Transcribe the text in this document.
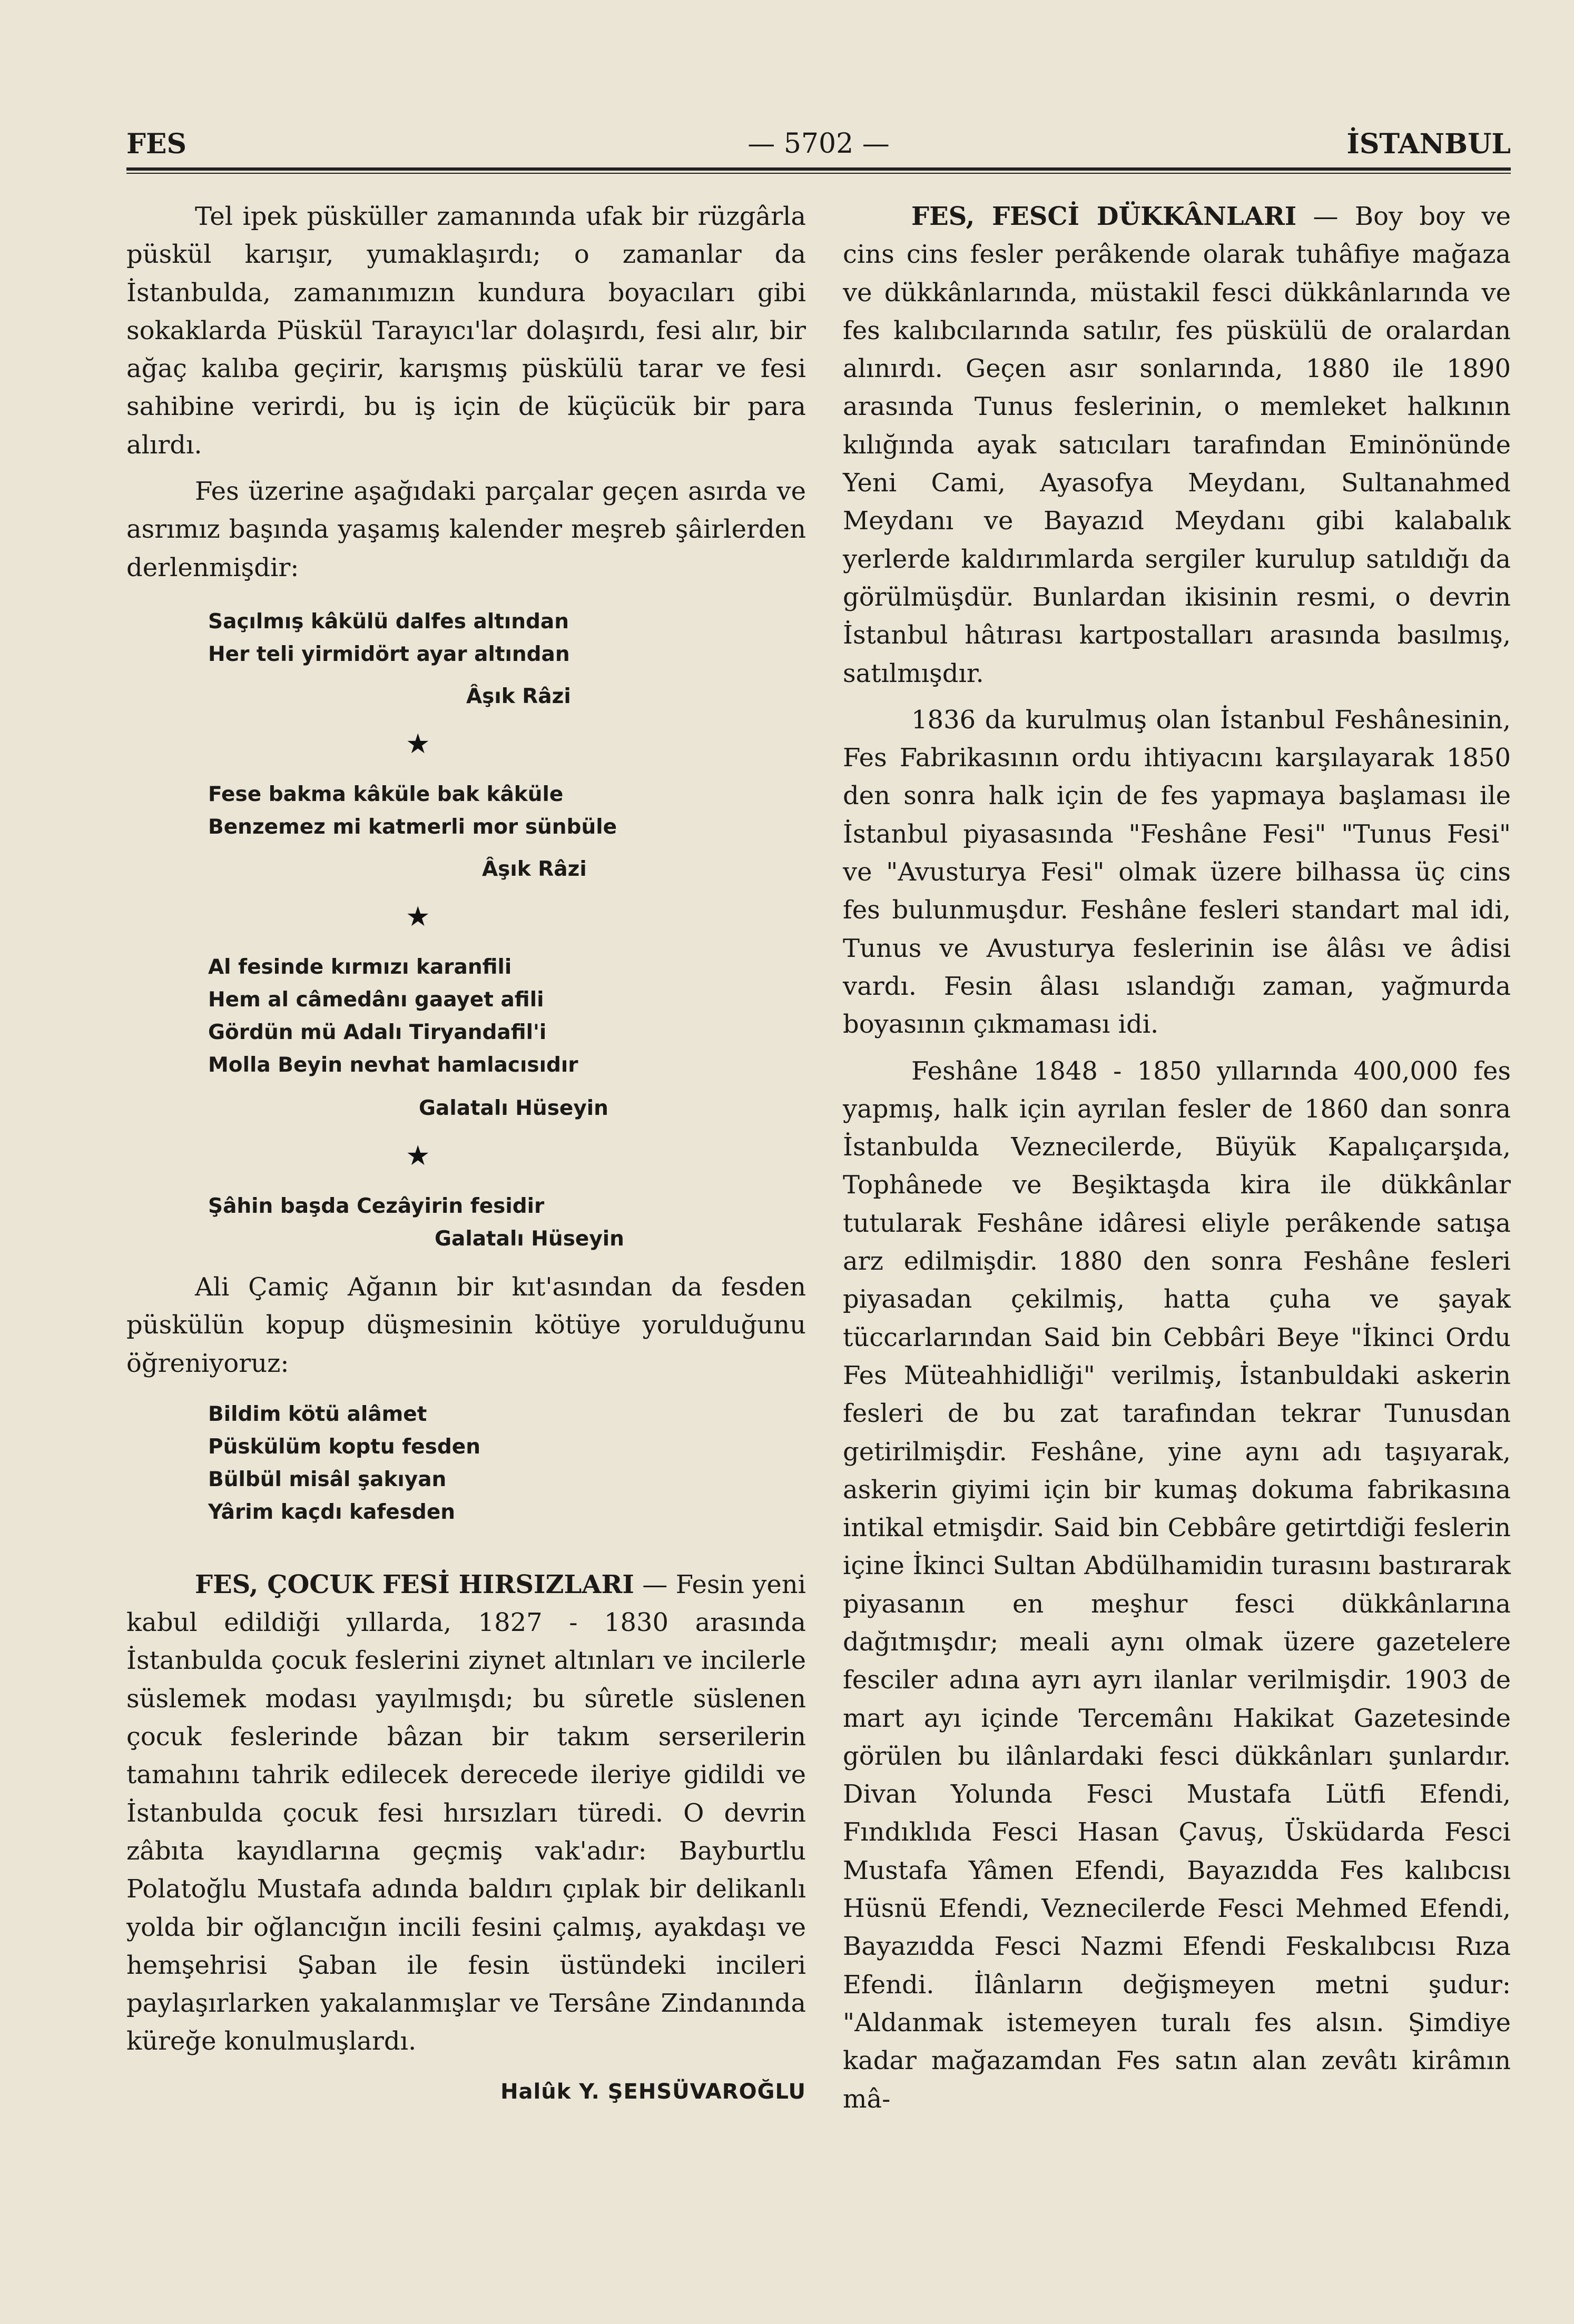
FES	— 5702 —	İSTANBUL

Tel ipek püsküller zamanında ufak bir rüzgârla püskül karışır, yumaklaşırdı; o zamanlar da İstanbulda, zamanımızın kundura boyacıları gibi sokaklarda Püskül Tarayıcı'lar dolaşırdı, fesi alır, bir ağaç kalıba geçirir, karışmış püskülü tarar ve fesi sahibine verirdi, bu iş için de küçücük bir para alırdı.

Fes üzerine aşağıdaki parçalar geçen asırda ve asrımız başında yaşamış kalender meşreb şâirlerden derlenmişdir:

Saçılmış kâkülü dalfes altından
Her teli yirmidört ayar altından
Âşık Râzi
★
Fese bakma kâküle bak kâküle
Benzemez mi katmerli mor sünbüle
Âşık Râzi
★
Al fesinde kırmızı karanfili
Hem al câmedânı gaayet afili
Gördün mü Adalı Tiryandafil'i
Molla Beyin nevhat hamlacısıdır
Galatalı Hüseyin
★
Şâhin başda Cezâyirin fesidir
Galatalı Hüseyin

Ali Çamiç Ağanın bir kıt'asından da fesden püskülün kopup düşmesinin kötüye yorulduğunu öğreniyoruz:

Bildim kötü alâmet
Püskülüm koptu fesden
Bülbül misâl şakıyan
Yârim kaçdı kafesden

FES, ÇOCUK FESİ HIRSIZLARI — Fesin yeni kabul edildiği yıllarda, 1827 - 1830 arasında İstanbulda çocuk feslerini ziynet altınları ve incilerle süslemek modası yayılmışdı; bu sûretle süslenen çocuk feslerinde bâzan bir takım serserilerin tamahını tahrik edilecek derecede ileriye gidildi ve İstanbulda çocuk fesi hırsızları türedi. O devrin zâbıta kayıdlarına geçmiş vak'adır: Bayburtlu Polatoğlu Mustafa adında baldırı çıplak bir delikanlı yolda bir oğlancığın incili fesini çalmış, ayakdaşı ve hemşehrisi Şaban ile fesin üstündeki incileri paylaşırlarken yakalanmışlar ve Tersâne Zindanında küreğe konulmuşlardı.

Halûk Y. ŞEHSÜVAROĞLU

FES, FESCİ DÜKKÂNLARI — Boy boy ve cins cins fesler perâkende olarak tuhâfiye mağaza ve dükkânlarında, müstakil fesci dükkânlarında ve fes kalıbcılarında satılır, fes püskülü de oralardan alınırdı. Geçen asır sonlarında, 1880 ile 1890 arasında Tunus feslerinin, o memleket halkının kılığında ayak satıcıları tarafından Eminönünde Yeni Cami, Ayasofya Meydanı, Sultanahmed Meydanı ve Bayazıd Meydanı gibi kalabalık yerlerde kaldırımlarda sergiler kurulup satıldığı da görülmüşdür. Bunlardan ikisinin resmi, o devrin İstanbul hâtırası kartpostalları arasında basılmış, satılmışdır.

1836 da kurulmuş olan İstanbul Feshânesinin, Fes Fabrikasının ordu ihtiyacını karşılayarak 1850 den sonra halk için de fes yapmaya başlaması ile İstanbul piyasasında "Feshâne Fesi" "Tunus Fesi" ve "Avusturya Fesi" olmak üzere bilhassa üç cins fes bulunmuşdur. Feshâne fesleri standart mal idi, Tunus ve Avusturya feslerinin ise âlâsı ve âdisi vardı. Fesin âlası ıslandığı zaman, yağmurda boyasının çıkmaması idi.

Feshâne 1848 - 1850 yıllarında 400,000 fes yapmış, halk için ayrılan fesler de 1860 dan sonra İstanbulda Veznecilerde, Büyük Kapalıçarşıda, Tophânede ve Beşiktaşda kira ile dükkânlar tutularak Feshâne idâresi eliyle perâkende satışa arz edilmişdir. 1880 den sonra Feshâne fesleri piyasadan çekilmiş, hatta çuha ve şayak tüccarlarından Said bin Cebbâri Beye "İkinci Ordu Fes Müteahhidliği" verilmiş, İstanbuldaki askerin fesleri de bu zat tarafından tekrar Tunusdan getirilmişdir. Feshâne, yine aynı adı taşıyarak, askerin giyimi için bir kumaş dokuma fabrikasına intikal etmişdir. Said bin Cebbâre getirtdiği feslerin içine İkinci Sultan Abdülhamidin turasını bastırarak piyasanın en meşhur fesci dükkânlarına dağıtmışdır; meali aynı olmak üzere gazetelere fesciler adına ayrı ayrı ilanlar verilmişdir. 1903 de mart ayı içinde Tercemânı Hakikat Gazetesinde görülen bu ilânlardaki fesci dükkânları şunlardır. Divan Yolunda Fesci Mustafa Lütfi Efendi, Fındıklıda Fesci Hasan Çavuş, Üsküdarda Fesci Mustafa Yâmen Efendi, Bayazıdda Fes kalıbcısı Hüsnü Efendi, Veznecilerde Fesci Mehmed Efendi, Bayazıdda Fesci Nazmi Efendi Feskalıbcısı Rıza Efendi. İlânların değişmeyen metni şudur: "Aldanmak istemeyen turalı fes alsın. Şimdiye kadar mağazamdan Fes satın alan zevâtı kirâmın mâ-
